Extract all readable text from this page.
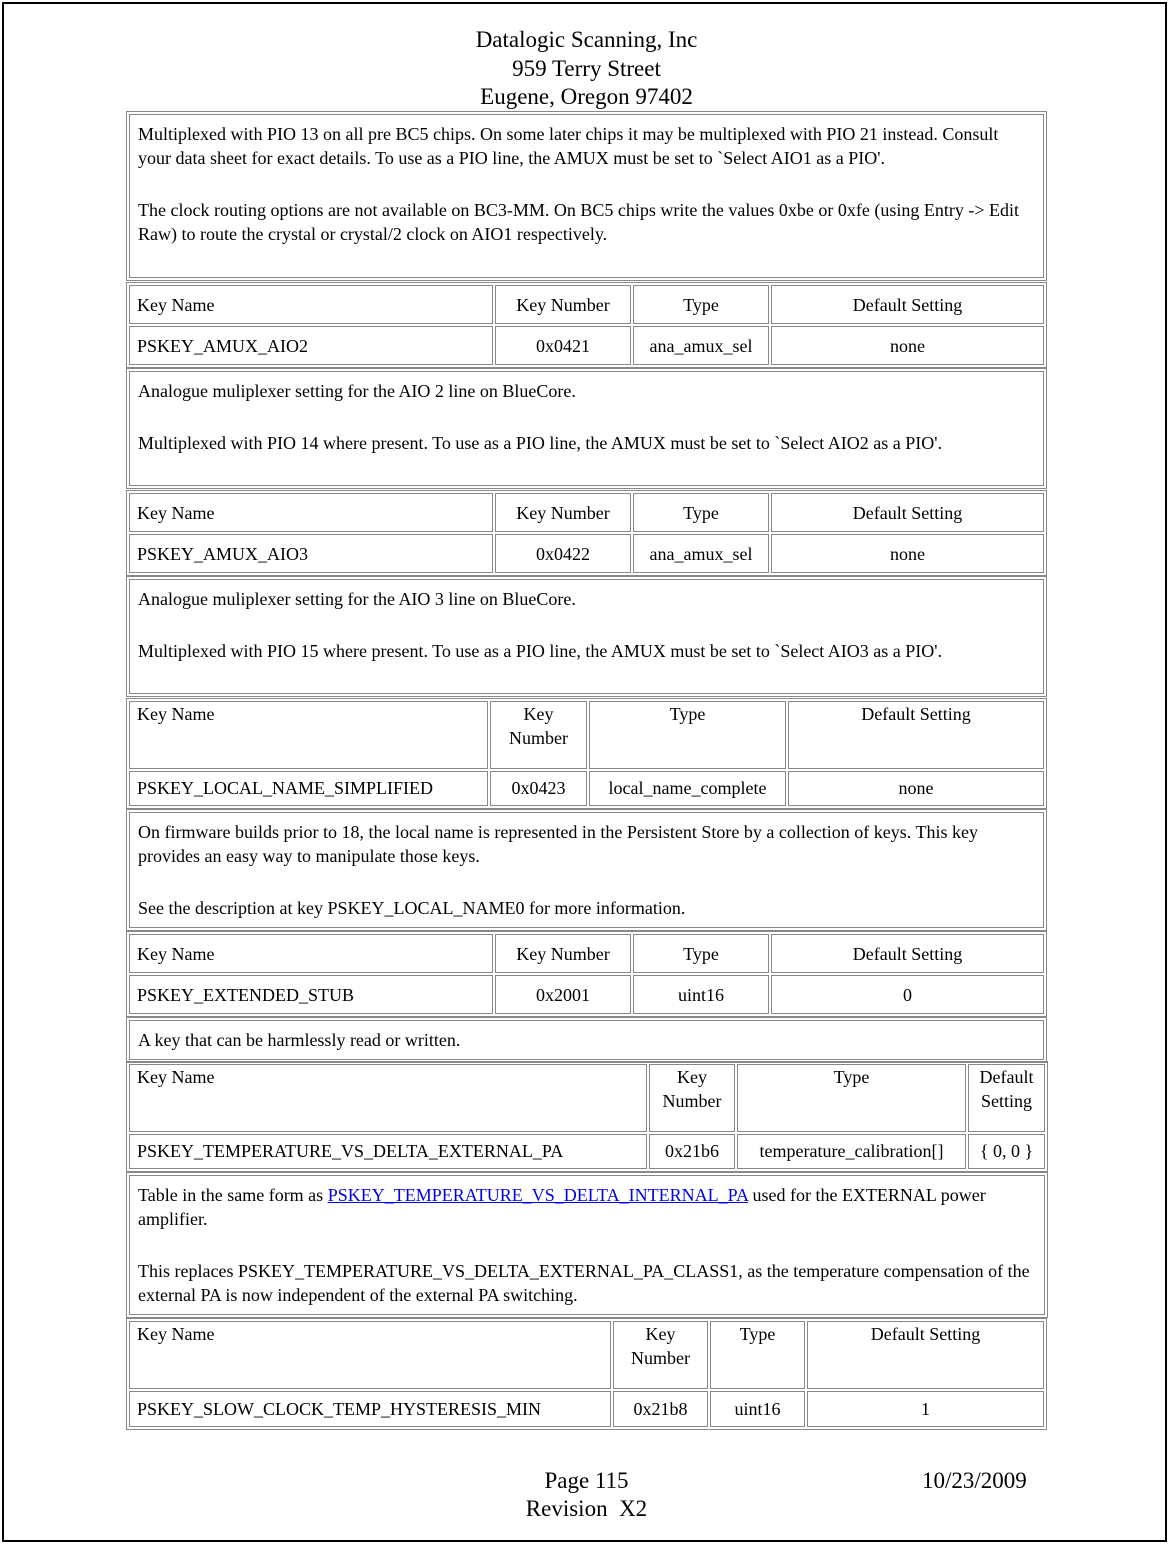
Datalogic Scanning, Inc
959 Terry Street
Eugene, Oregon 97402

Multiplexed with PIO 13 on all pre BC5 chips. On some later chips it may be multiplexed with PIO 21 instead. Consult your data sheet for exact details. To use as a PIO line, the AMUX must be set to `Select AIO1 as a PIO'.

The clock routing options are not available on BC3-MM. On BC5 chips write the values 0xbe or 0xfe (using Entry -> Edit Raw) to route the crystal or crystal/2 clock on AIO1 respectively.

Key Name	Key Number	Type	Default Setting
PSKEY_AMUX_AIO2	0x0421	ana_amux_sel	none

Analogue muliplexer setting for the AIO 2 line on BlueCore.

Multiplexed with PIO 14 where present. To use as a PIO line, the AMUX must be set to `Select AIO2 as a PIO'.

Key Name	Key Number	Type	Default Setting
PSKEY_AMUX_AIO3	0x0422	ana_amux_sel	none

Analogue muliplexer setting for the AIO 3 line on BlueCore.

Multiplexed with PIO 15 where present. To use as a PIO line, the AMUX must be set to `Select AIO3 as a PIO'.

Key Name	Key Number	Type	Default Setting
PSKEY_LOCAL_NAME_SIMPLIFIED	0x0423	local_name_complete	none

On firmware builds prior to 18, the local name is represented in the Persistent Store by a collection of keys. This key provides an easy way to manipulate those keys.

See the description at key PSKEY_LOCAL_NAME0 for more information.

Key Name	Key Number	Type	Default Setting
PSKEY_EXTENDED_STUB	0x2001	uint16	0

A key that can be harmlessly read or written.

Key Name	Key Number	Type	Default Setting
PSKEY_TEMPERATURE_VS_DELTA_EXTERNAL_PA	0x21b6	temperature_calibration[]	{ 0, 0 }

Table in the same form as PSKEY_TEMPERATURE_VS_DELTA_INTERNAL_PA used for the EXTERNAL power amplifier.

This replaces PSKEY_TEMPERATURE_VS_DELTA_EXTERNAL_PA_CLASS1, as the temperature compensation of the external PA is now independent of the external PA switching.

Key Name	Key Number	Type	Default Setting
PSKEY_SLOW_CLOCK_TEMP_HYSTERESIS_MIN	0x21b8	uint16	1
Page 115
Revision  X2
10/23/2009
